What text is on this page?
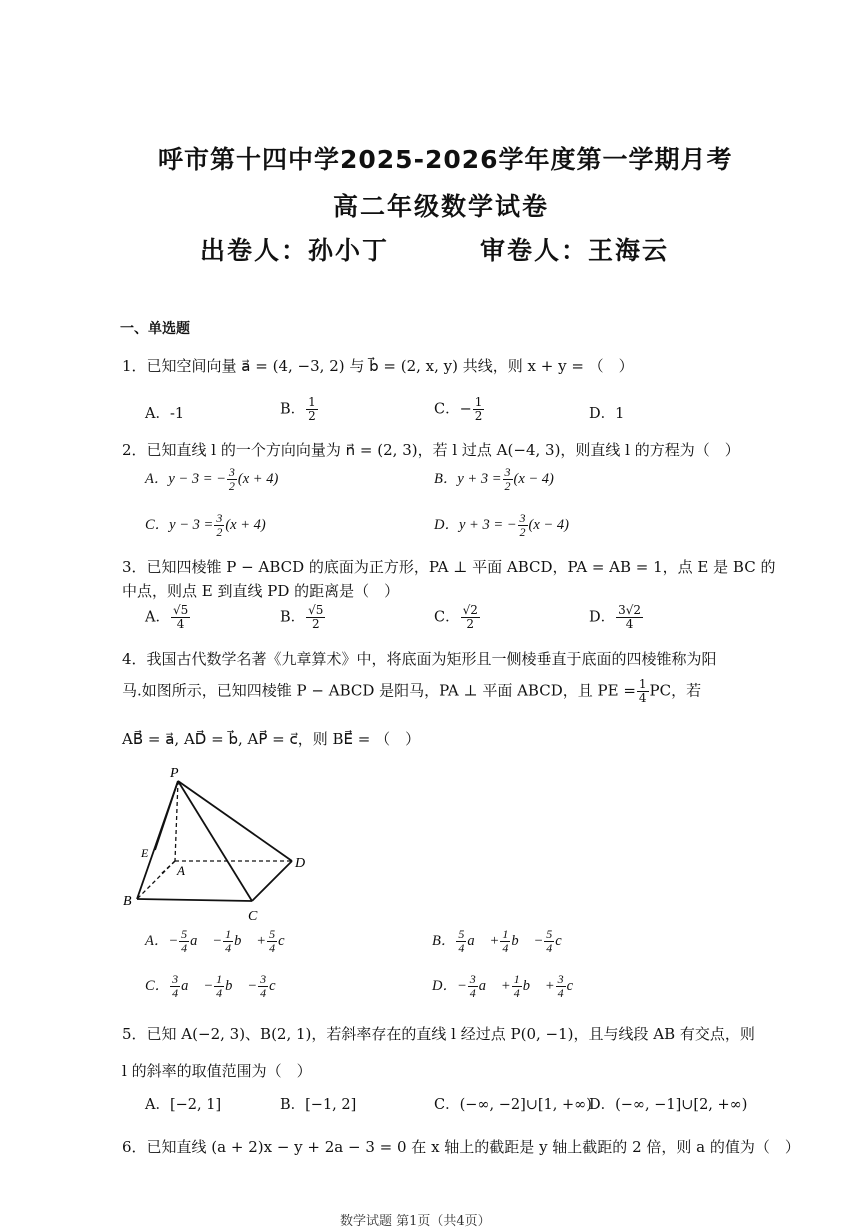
呼市第十四中学2025-2026学年度第一学期月考
高二年级数学试卷
出卷人：孙小丁	审卷人：王海云
一、单选题
1．已知空间向量 a⃗ = (4, −3, 2) 与 b⃗ = (2, x, y) 共线，则 x + y = （　）
A．-1	B． $\frac{1}{2}$	C．− $\frac{1}{2}$	D．1
2．已知直线 l 的一个方向向量为 n⃗ = (2, 3)，若 l 过点 A(−4, 3)，则直线 l 的方程为（　）
A．y − 3 = − $\frac{3}{2} (x + 4)$	B．$y + 3 = \frac{3}{2} (x - 4)$
C．$y - 3 = \frac{3}{2} (x + 4)$	D．y + 3 = − $\frac{3}{2} (x - 4)$
3．已知四棱锥 P − ABCD 的底面为正方形，PA ⊥ 平面 ABCD，PA = AB = 1，点 E 是 BC 的
中点，则点 E 到直线 PD 的距离是（　）
A． $\frac{√5}{4}$	B． $\frac{√5}{2}$	C． $\frac{√2}{2}$	D． $\frac{3√2}{4}$
4．我国古代数学名著《九章算术》中，将底面为矩形且一侧棱垂直于底面的四棱锥称为阳
马.如图所示，已知四棱锥 P − ABCD 是阳马，PA ⊥ 平面 ABCD，且 PE = $\frac{1}{4}$ PC，若
AB⃗ = a⃗, AD⃗ = b⃗, AP⃗ = c⃗，则 BE⃗ = （　）
P
A
B
C
D
E
A．− $\frac{5}{4}$ a⃗ − $\frac{1}{4}$ b⃗ + $\frac{5}{4}$ c⃗	B． $\frac{5}{4}$ a⃗ + $\frac{1}{4}$ b⃗ − $\frac{5}{4}$ c⃗
C． $\frac{3}{4}$ a⃗ − $\frac{1}{4}$ b⃗ − $\frac{3}{4}$ c⃗	D．− $\frac{3}{4}$ a⃗ + $\frac{1}{4}$ b⃗ + $\frac{3}{4}$ c⃗
5．已知 A(−2, 3)、B(2, 1)，若斜率存在的直线 l 经过点 P(0, −1)，且与线段 AB 有交点，则
l 的斜率的取值范围为（　）
A．[−2, 1]	B．[−1, 2]	C．(−∞, −2]∪[1, +∞)
D．(−∞, −1]∪[2, +∞)
6．已知直线 (a + 2)x − y + 2a − 3 = 0 在 x 轴上的截距是 y 轴上截距的 2 倍，则 a 的值为（　）
数学试题 第1页（共4页）
